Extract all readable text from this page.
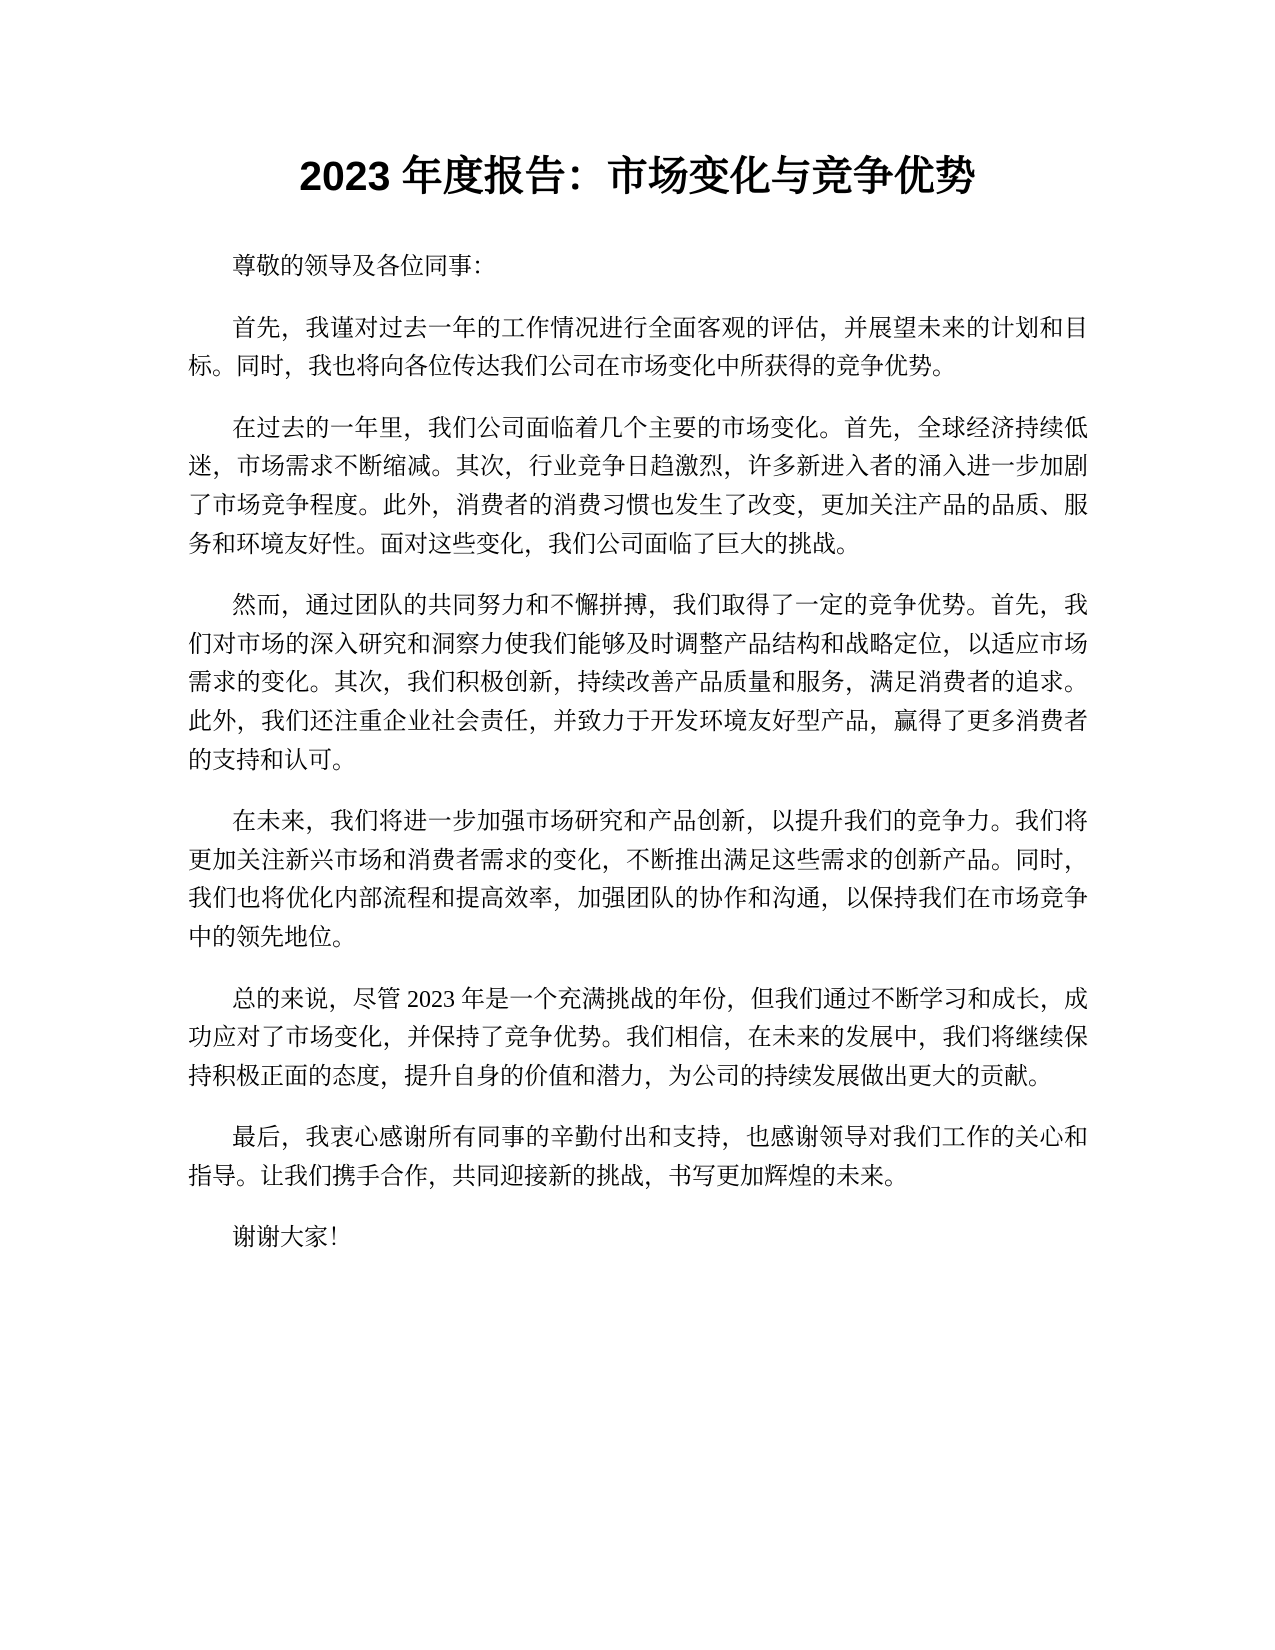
2023 年度报告：市场变化与竞争优势

尊敬的领导及各位同事：

首先，我谨对过去一年的工作情况进行全面客观的评估，并展望未来的计划和目标。同时，我也将向各位传达我们公司在市场变化中所获得的竞争优势。

在过去的一年里，我们公司面临着几个主要的市场变化。首先，全球经济持续低迷，市场需求不断缩减。其次，行业竞争日趋激烈，许多新进入者的涌入进一步加剧了市场竞争程度。此外，消费者的消费习惯也发生了改变，更加关注产品的品质、服务和环境友好性。面对这些变化，我们公司面临了巨大的挑战。

然而，通过团队的共同努力和不懈拼搏，我们取得了一定的竞争优势。首先，我们对市场的深入研究和洞察力使我们能够及时调整产品结构和战略定位，以适应市场需求的变化。其次，我们积极创新，持续改善产品质量和服务，满足消费者的追求。此外，我们还注重企业社会责任，并致力于开发环境友好型产品，赢得了更多消费者的支持和认可。

在未来，我们将进一步加强市场研究和产品创新，以提升我们的竞争力。我们将更加关注新兴市场和消费者需求的变化，不断推出满足这些需求的创新产品。同时，我们也将优化内部流程和提高效率，加强团队的协作和沟通，以保持我们在市场竞争中的领先地位。

总的来说，尽管 2023 年是一个充满挑战的年份，但我们通过不断学习和成长，成功应对了市场变化，并保持了竞争优势。我们相信，在未来的发展中，我们将继续保持积极正面的态度，提升自身的价值和潜力，为公司的持续发展做出更大的贡献。

最后，我衷心感谢所有同事的辛勤付出和支持，也感谢领导对我们工作的关心和指导。让我们携手合作，共同迎接新的挑战，书写更加辉煌的未来。

谢谢大家！
